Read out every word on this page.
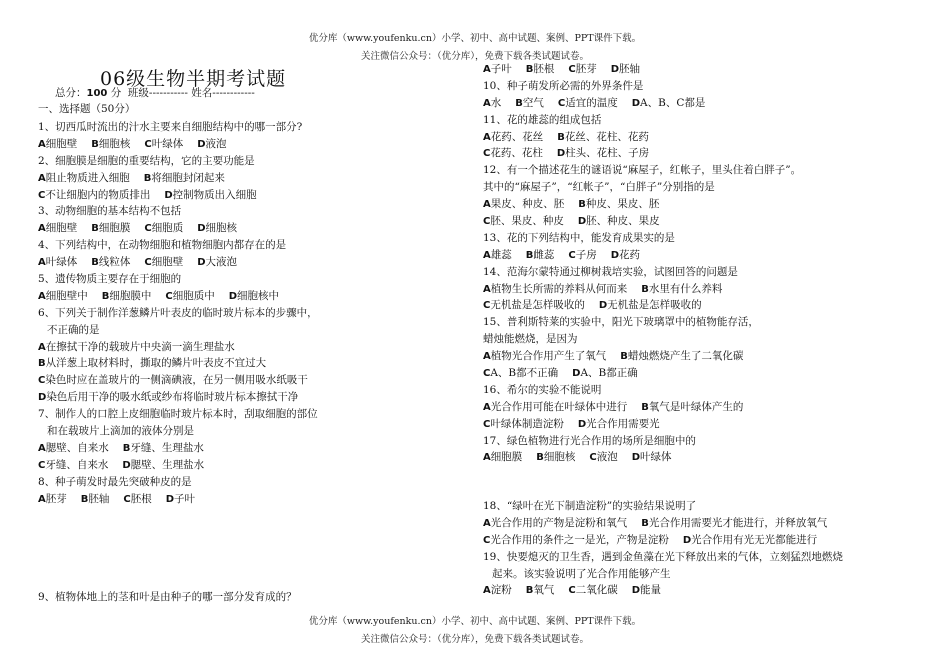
优分库（www.youfenku.cn）小学、初中、高中试题、案例、PPT课件下载。
关注微信公众号：（优分库），免费下载各类试题试卷。
06级生物半期考试题
总分：100 分 班级----------- 姓名------------
一、选择题（50分）
1、切西瓜时流出的汁水主要来自细胞结构中的哪一部分?
A细胞壁 B细胞核 C叶绿体 D液泡
2、细胞膜是细胞的重要结构，它的主要功能是
A阻止物质进入细胞 B将细胞封闭起来
C不让细胞内的物质排出 D控制物质出入细胞
3、动物细胞的基本结构不包括
A细胞壁 B细胞膜 C细胞质 D细胞核
4、下列结构中，在动物细胞和植物细胞内都存在的是
A叶绿体 B线粒体 C细胞壁 D大液泡
5、遗传物质主要存在于细胞的
A细胞壁中 B细胞膜中 C细胞质中 D细胞核中
6、下列关于制作洋葱鳞片叶表皮的临时玻片标本的步骤中，
不正确的是
A在擦拭干净的载玻片中央滴一滴生理盐水
B从洋葱上取材料时，撕取的鳞片叶表皮不宜过大
C染色时应在盖玻片的一侧滴碘液，在另一侧用吸水纸吸干
D染色后用干净的吸水纸或纱布将临时玻片标本擦拭干净
7、制作人的口腔上皮细胞临时玻片标本时，刮取细胞的部位
和在载玻片上滴加的液体分别是
A腮壁、自来水 B牙缝、生理盐水
C牙缝、自来水 D腮壁、生理盐水
8、种子萌发时最先突破种皮的是
A胚芽 B胚轴 C胚根 D子叶
9、植物体地上的茎和叶是由种子的哪一部分发育成的？
A子叶 B胚根 C胚芽 D胚轴
10、种子萌发所必需的外界条件是
A水 B空气 C适宜的温度 DA、B、C都是
11、花的雄蕊的组成包括
A花药、花丝 B花丝、花柱、花药
C花药、花柱 D柱头、花柱、子房
12、有一个描述花生的谜语说“麻屋子，红帐子，里头住着白胖子”。
其中的“麻屋子”，“红帐子”，“白胖子”分别指的是
A果皮、种皮、胚 B种皮、果皮、胚
C胚、果皮、种皮 D胚、种皮、果皮
13、花的下列结构中，能发育成果实的是
A雄蕊 B雌蕊 C子房 D花药
14、范海尔蒙特通过柳树栽培实验，试图回答的问题是
A植物生长所需的养料从何而来 B水里有什么养料
C无机盐是怎样吸收的 D无机盐是怎样吸收的
15、普利斯特莱的实验中，阳光下玻璃罩中的植物能存活，
蜡烛能燃烧，是因为
A植物光合作用产生了氧气 B蜡烛燃烧产生了二氧化碳
CA、B都不正确 DA、B都正确
16、希尔的实验不能说明
A光合作用可能在叶绿体中进行 B氧气是叶绿体产生的
C叶绿体制造淀粉 D光合作用需要光
17、绿色植物进行光合作用的场所是细胞中的
A细胞膜 B细胞核 C液泡 D叶绿体
18、“绿叶在光下制造淀粉”的实验结果说明了
A光合作用的产物是淀粉和氧气 B光合作用需要光才能进行，并释放氧气
C光合作用的条件之一是光，产物是淀粉 D光合作用有光无光都能进行
19、快要熄灭的卫生香，遇到金鱼藻在光下释放出来的气体，立刻猛烈地燃烧
起来。该实验说明了光合作用能够产生
A淀粉 B氧气 C二氧化碳 D能量
优分库（www.youfenku.cn）小学、初中、高中试题、案例、PPT课件下载。
关注微信公众号：（优分库），免费下载各类试题试卷。
